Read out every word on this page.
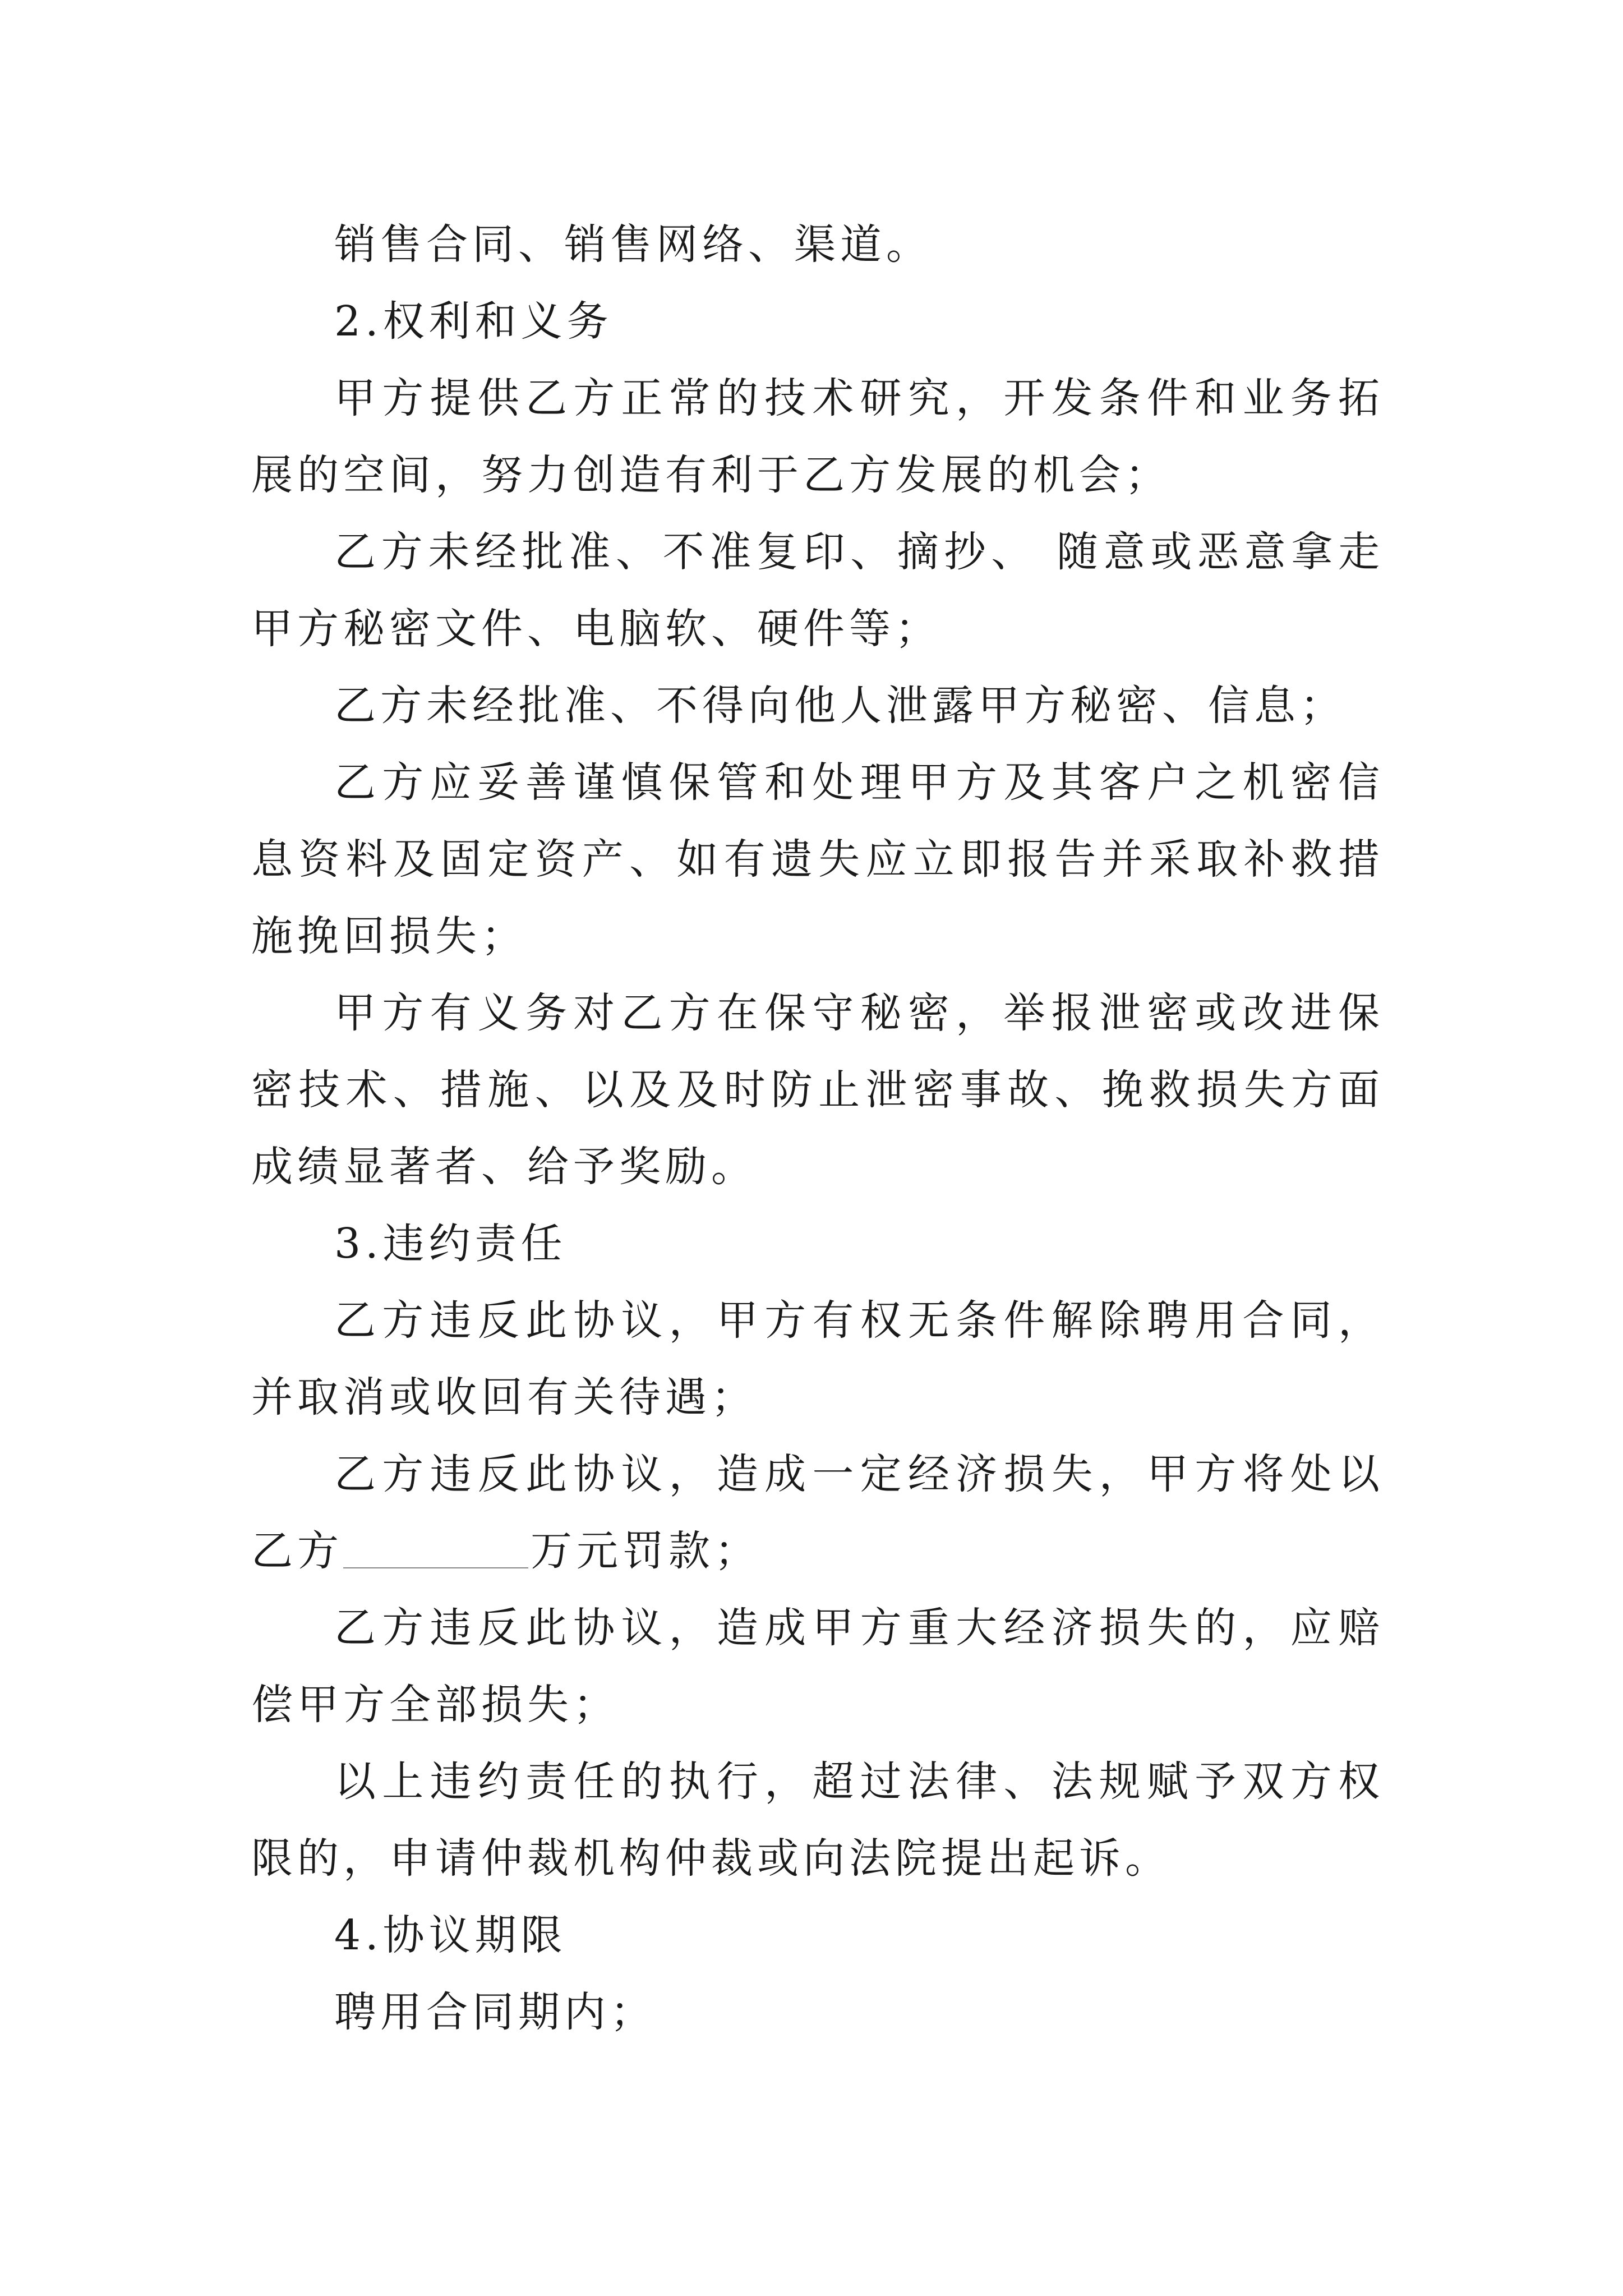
销售合同、销售网络、渠道。

2.权利和义务

甲方提供乙方正常的技术研究，开发条件和业务拓展的空间，努力创造有利于乙方发展的机会；

乙方未经批准、不准复印、摘抄、 随意或恶意拿走甲方秘密文件、电脑软、硬件等；

乙方未经批准、不得向他人泄露甲方秘密、信息；

乙方应妥善谨慎保管和处理甲方及其客户之机密信息资料及固定资产、如有遗失应立即报告并采取补救措施挽回损失；

甲方有义务对乙方在保守秘密，举报泄密或改进保密技术、措施、以及及时防止泄密事故、挽救损失方面成绩显著者、给予奖励。

3.违约责任

乙方违反此协议，甲方有权无条件解除聘用合同，并取消或收回有关待遇；

乙方违反此协议，造成一定经济损失，甲方将处以乙方	万元罚款；

乙方违反此协议，造成甲方重大经济损失的，应赔偿甲方全部损失；

以上违约责任的执行，超过法律、法规赋予双方权限的，申请仲裁机构仲裁或向法院提出起诉。

4.协议期限

聘用合同期内；
